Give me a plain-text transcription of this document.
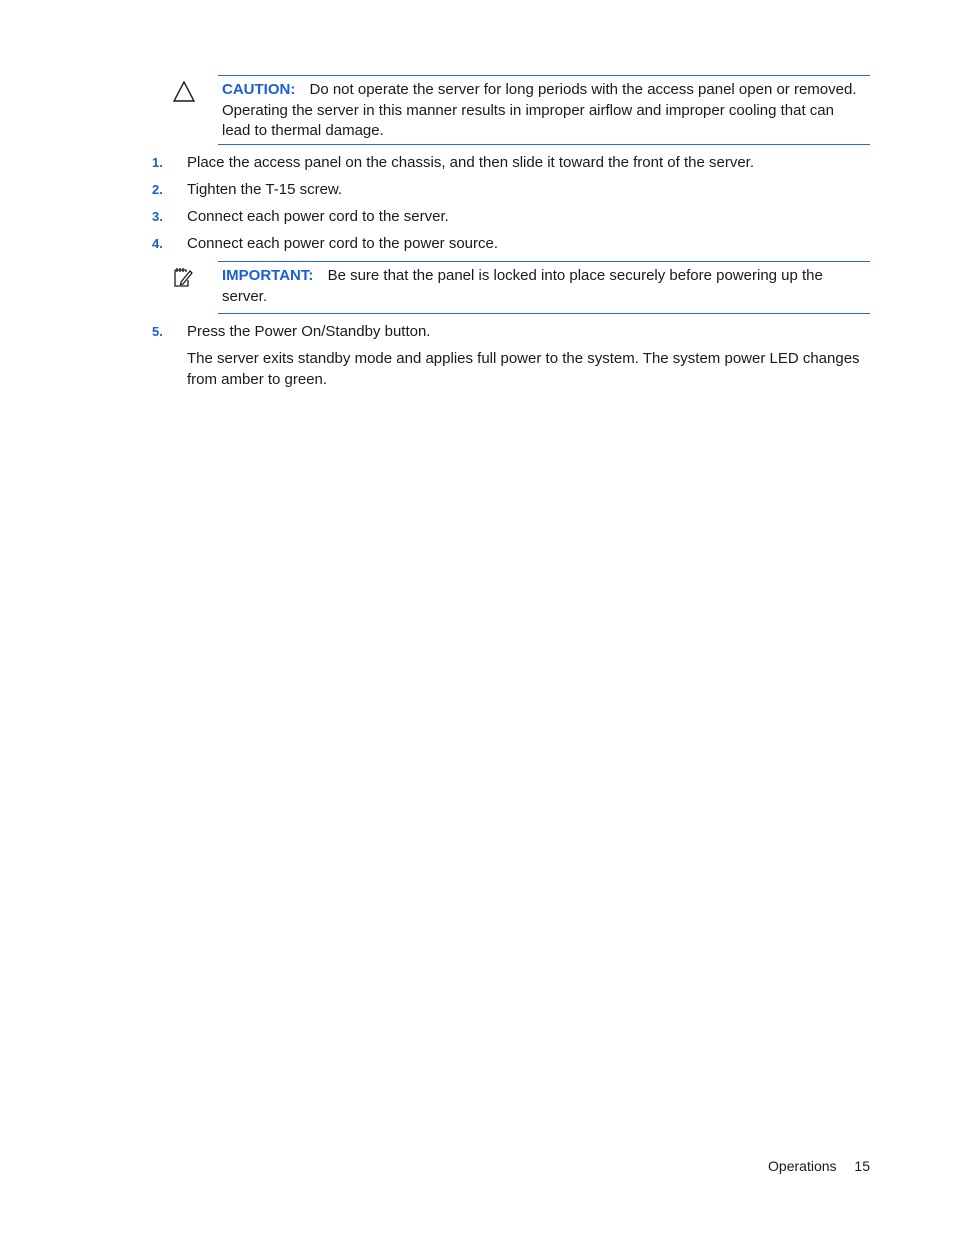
CAUTION: Do not operate the server for long periods with the access panel open or removed. Operating the server in this manner results in improper airflow and improper cooling that can lead to thermal damage.

1. Place the access panel on the chassis, and then slide it toward the front of the server.
2. Tighten the T-15 screw.
3. Connect each power cord to the server.
4. Connect each power cord to the power source.

IMPORTANT: Be sure that the panel is locked into place securely before powering up the server.

5. Press the Power On/Standby button.
The server exits standby mode and applies full power to the system. The system power LED changes from amber to green.
Operations 15
